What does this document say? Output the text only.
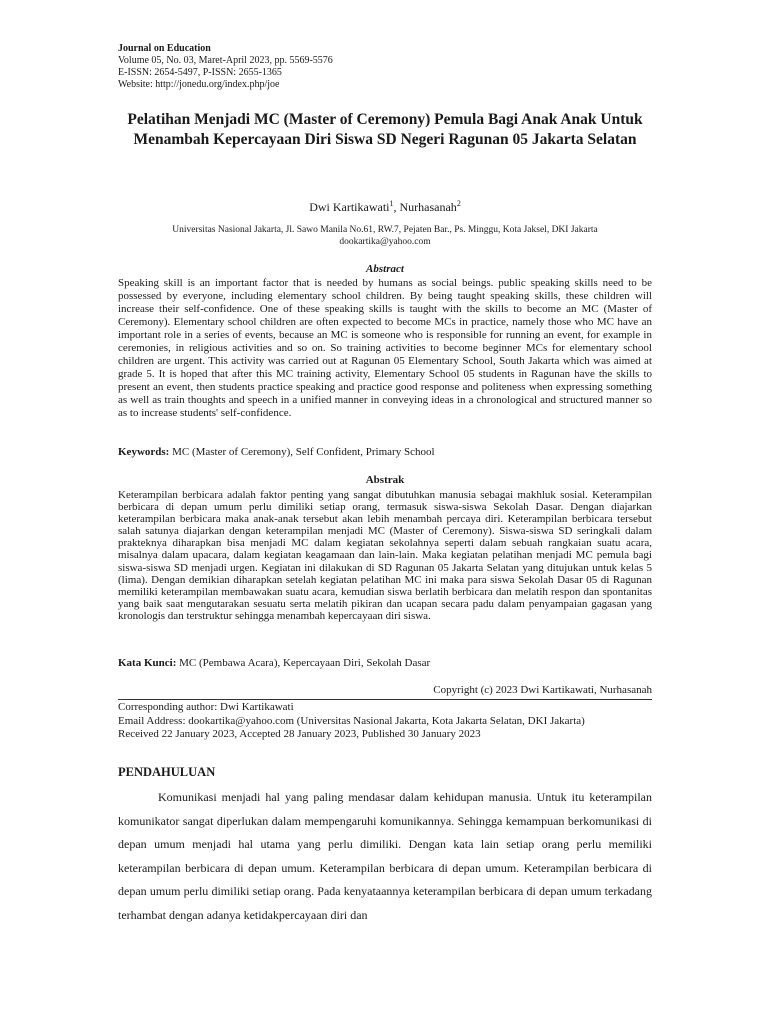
Journal on Education
Volume 05, No. 03, Maret-April 2023, pp. 5569-5576
E-ISSN: 2654-5497, P-ISSN: 2655-1365
Website: http://jonedu.org/index.php/joe
Pelatihan Menjadi MC (Master of Ceremony) Pemula Bagi Anak Anak Untuk Menambah Kepercayaan Diri Siswa SD Negeri Ragunan 05 Jakarta Selatan
Dwi Kartikawati$^1$, Nurhasanah$^2$
Universitas Nasional Jakarta, Jl. Sawo Manila No.61, RW.7, Pejaten Bar., Ps. Minggu, Kota Jaksel, DKI Jakarta
dookartika@yahoo.com
Abstract
Speaking skill is an important factor that is needed by humans as social beings. public speaking skills need to be possessed by everyone, including elementary school children. By being taught speaking skills, these children will increase their self-confidence. One of these speaking skills is taught with the skills to become an MC (Master of Ceremony). Elementary school children are often expected to become MCs in practice, namely those who MC have an important role in a series of events, because an MC is someone who is responsible for running an event, for example in ceremonies, in religious activities and so on. So training activities to become beginner MCs for elementary school children are urgent. This activity was carried out at Ragunan 05 Elementary School, South Jakarta which was aimed at grade 5. It is hoped that after this MC training activity, Elementary School 05 students in Ragunan have the skills to present an event, then students practice speaking and practice good response and politeness when expressing something as well as train thoughts and speech in a unified manner in conveying ideas in a chronological and structured manner so as to increase students' self-confidence.
Keywords: MC (Master of Ceremony), Self Confident, Primary School
Abstrak
Keterampilan berbicara adalah faktor penting yang sangat dibutuhkan manusia sebagai makhluk sosial. Keterampilan berbicara di depan umum perlu dimiliki setiap orang, termasuk siswa-siswa Sekolah Dasar. Dengan diajarkan keterampilan berbicara maka anak-anak tersebut akan lebih menambah percaya diri. Keterampilan berbicara tersebut salah satunya diajarkan dengan keterampilan menjadi MC (Master of Ceremony). Siswa-siswa SD seringkali dalam prakteknya diharapkan bisa menjadi MC dalam kegiatan sekolahnya seperti dalam sebuah rangkaian suatu acara, misalnya dalam upacara, dalam kegiatan keagamaan dan lain-lain. Maka kegiatan pelatihan menjadi MC pemula bagi siswa-siswa SD menjadi urgen. Kegiatan ini dilakukan di SD Ragunan 05 Jakarta Selatan yang ditujukan untuk kelas 5 (lima). Dengan demikian diharapkan setelah kegiatan pelatihan MC ini maka para siswa Sekolah Dasar 05 di Ragunan memiliki keterampilan membawakan suatu acara, kemudian siswa berlatih berbicara dan melatih respon dan spontanitas yang baik saat mengutarakan sesuatu serta melatih pikiran dan ucapan secara padu dalam penyampaian gagasan yang kronologis dan terstruktur sehingga menambah kepercayaan diri siswa.
Kata Kunci: MC (Pembawa Acara), Kepercayaan Diri, Sekolah Dasar
Copyright (c) 2023 Dwi Kartikawati, Nurhasanah
Corresponding author: Dwi Kartikawati
Email Address: dookartika@yahoo.com (Universitas Nasional Jakarta, Kota Jakarta Selatan, DKI Jakarta)
Received 22 January 2023, Accepted 28 January 2023, Published 30 January 2023
PENDAHULUAN
Komunikasi menjadi hal yang paling mendasar dalam kehidupan manusia. Untuk itu keterampilan komunikator sangat diperlukan dalam mempengaruhi komunikannya. Sehingga kemampuan berkomunikasi di depan umum menjadi hal utama yang perlu dimiliki. Dengan kata lain setiap orang perlu memiliki keterampilan berbicara di depan umum. Keterampilan berbicara di depan umum. Keterampilan berbicara di depan umum perlu dimiliki setiap orang. Pada kenyataannya keterampilan berbicara di depan umum terkadang terhambat dengan adanya ketidakpercayaan diri dan
